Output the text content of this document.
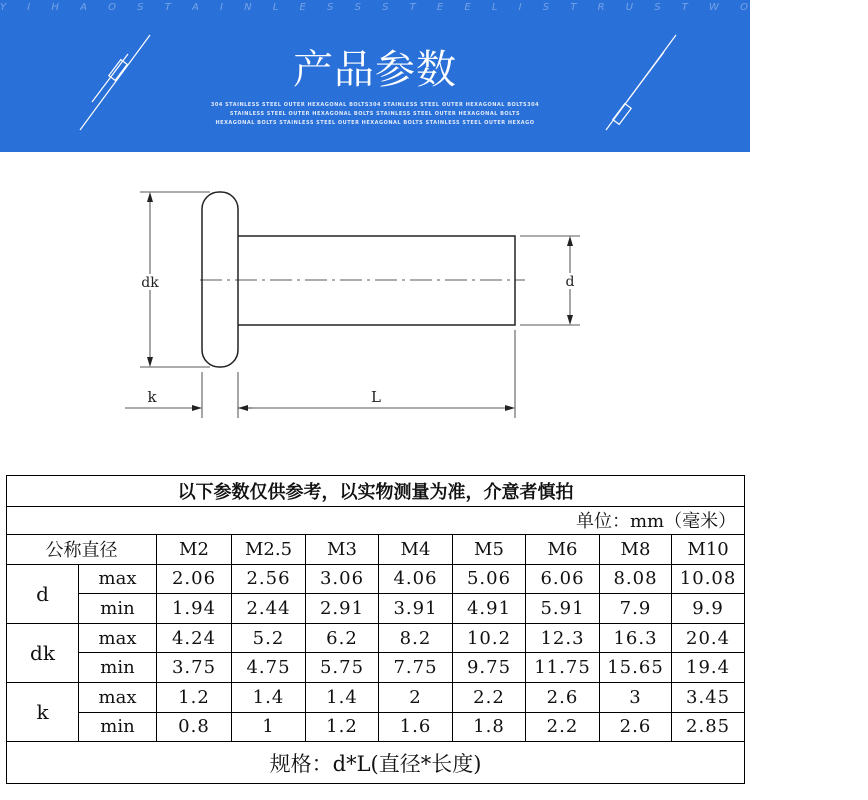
Y I H A O S T A I N L E S S S T E E L I S T R U S T W O R T H Y
产品参数
304 STAINLESS STEEL OUTER HEXAGONAL BOLTS304 STAINLESS STEEL OUTER HEXAGONAL BOLTS304
STAINLESS STEEL OUTER HEXAGONAL BOLTS STAINLESS STEEL OUTER HEXAGONAL BOLTS
HEXAGONAL BOLTS STAINLESS STEEL OUTER HEXAGONAL BOLTS STAINLESS STEEL OUTER HEXAGO
dk	d
k	L
以下参数仅供参考，以实物测量为准，介意者慎拍									
单位：mm（毫米）									
公称直径		M2	M2.5	M3	M4	M5	M6	M8	M10
d	max	2.06	2.56	3.06	4.06	5.06	6.06	8.08	10.08
	min	1.94	2.44	2.91	3.91	4.91	5.91	7.9	9.9
dk	max	4.24	5.2	6.2	8.2	10.2	12.3	16.3	20.4
	min	3.75	4.75	5.75	7.75	9.75	11.75	15.65	19.4
k	max	1.2	1.4	1.4	2	2.2	2.6	3	3.45
	min	0.8	1	1.2	1.6	1.8	2.2	2.6	2.85
规格：d*L(直径*长度)									
